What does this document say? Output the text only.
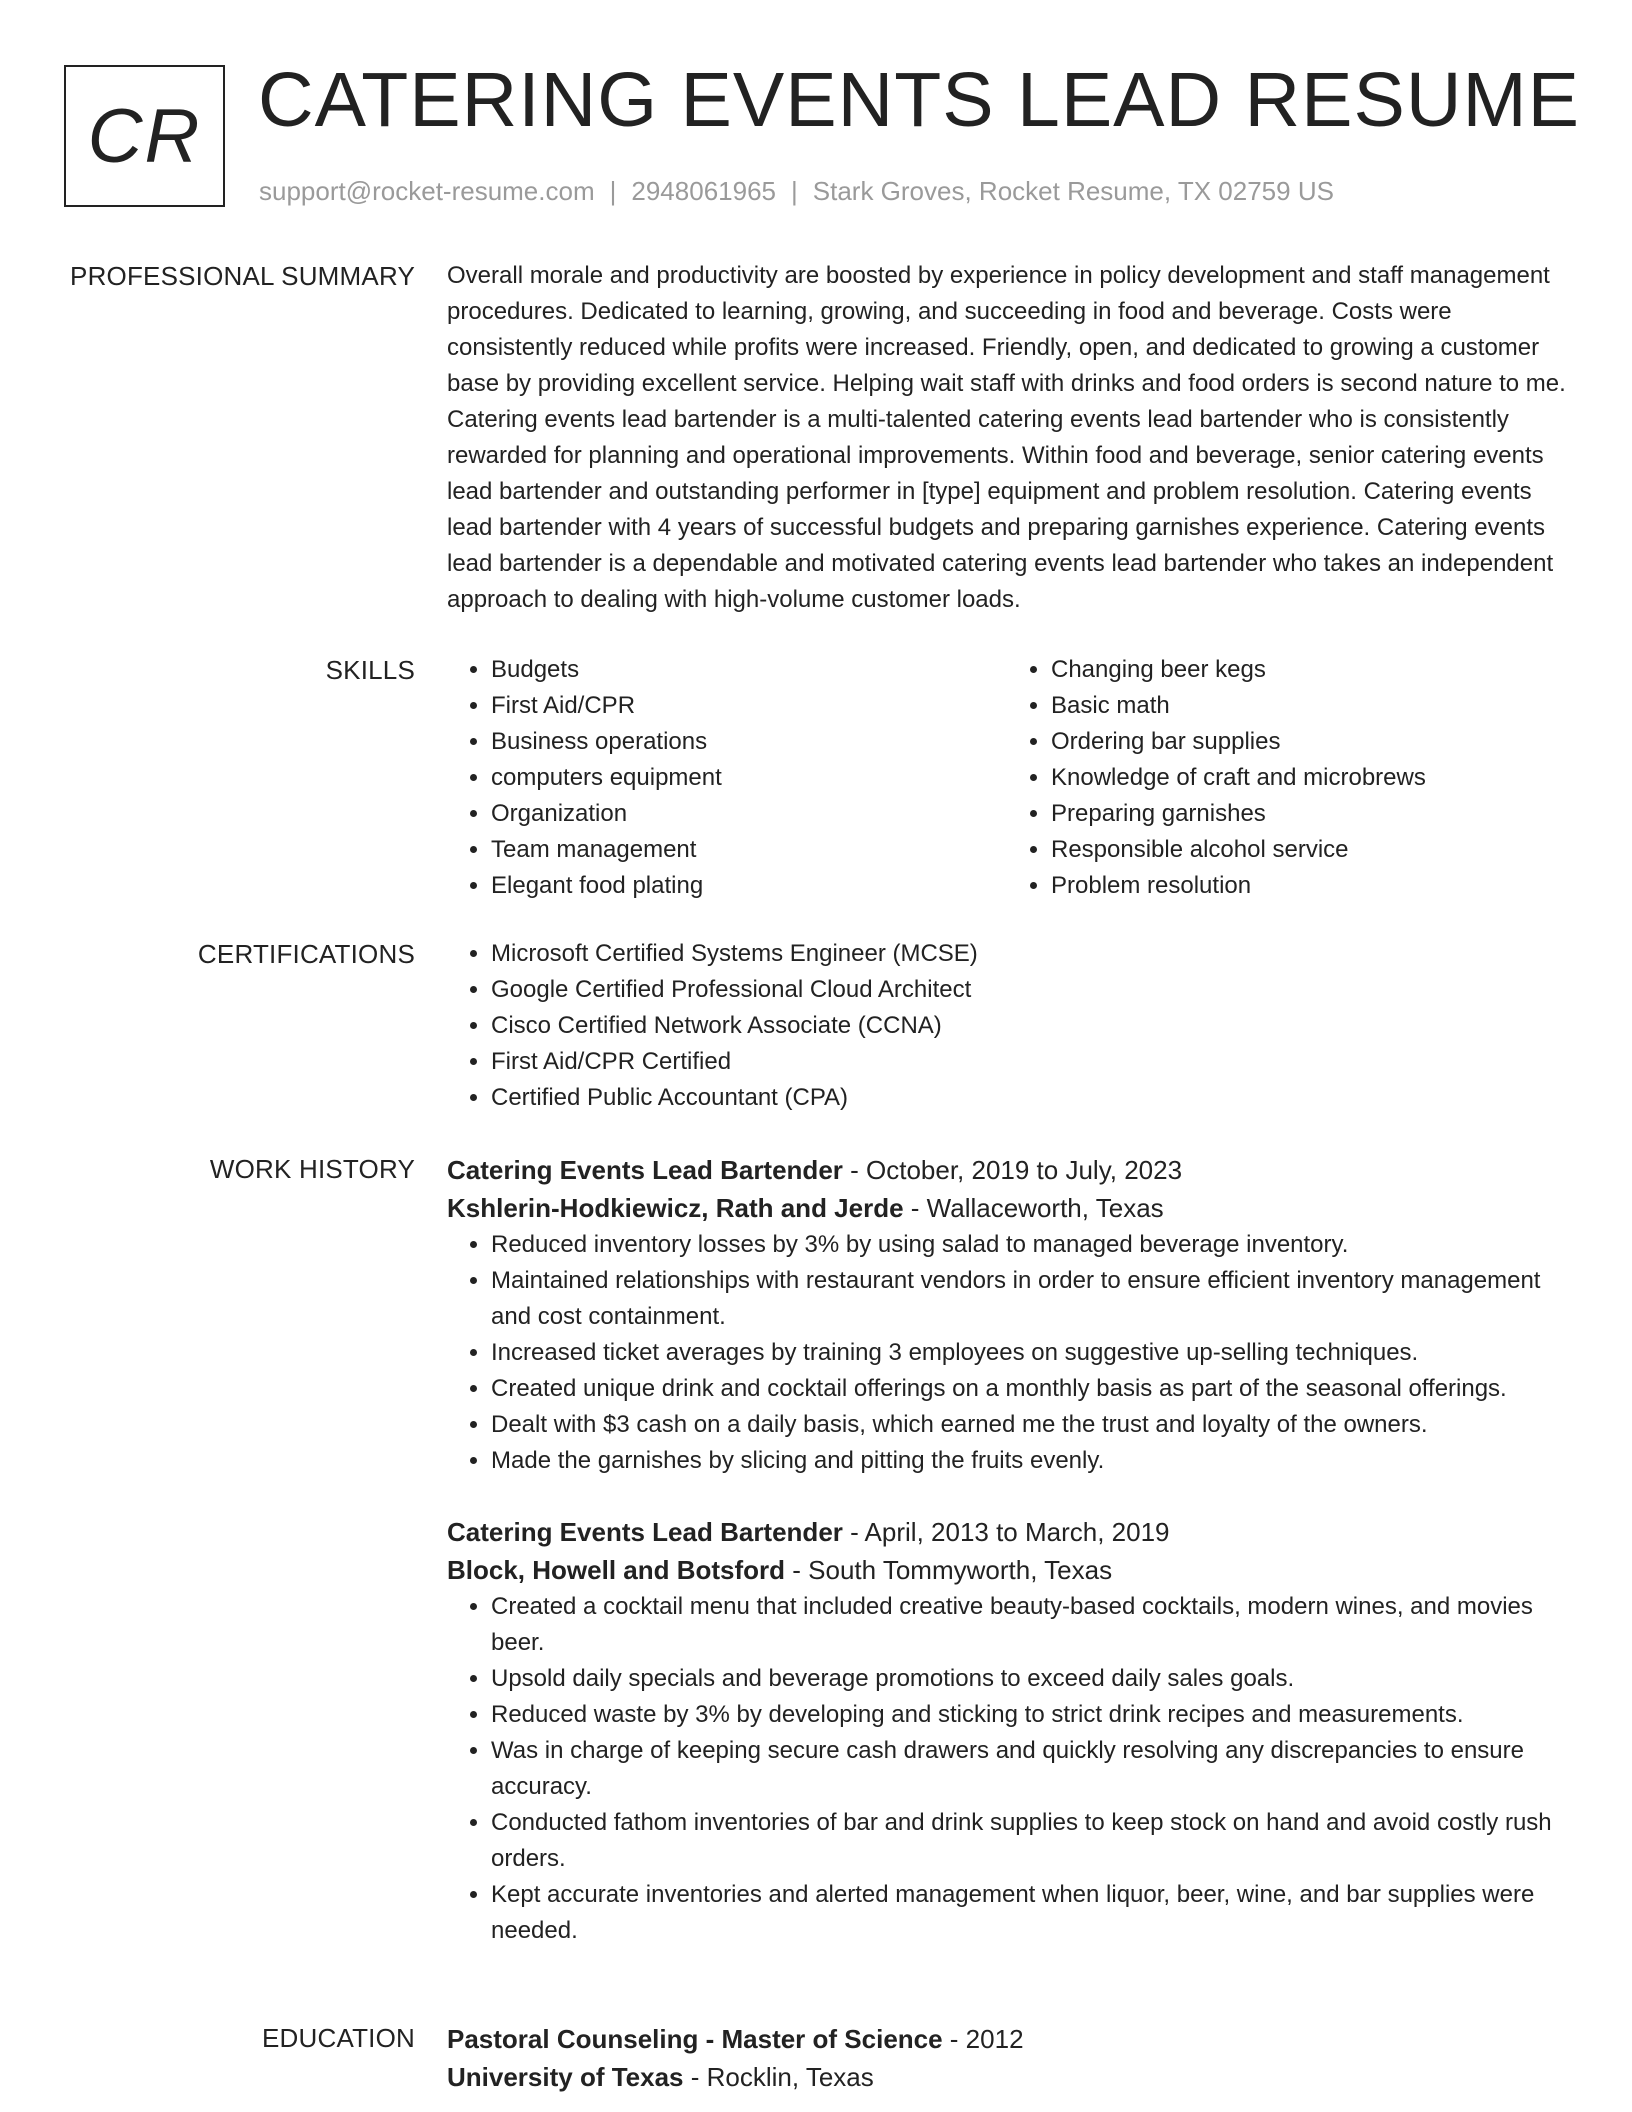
CR CATERING EVENTS LEAD RESUME
support@rocket-resume.com | 2948061965 | Stark Groves, Rocket Resume, TX 02759 US
PROFESSIONAL SUMMARY Overall morale and productivity are boosted by experience in policy development and staff management procedures. Dedicated to learning, growing, and succeeding in food and beverage. Costs were consistently reduced while profits were increased. Friendly, open, and dedicated to growing a customer base by providing excellent service. Helping wait staff with drinks and food orders is second nature to me. Catering events lead bartender is a multi-talented catering events lead bartender who is consistently rewarded for planning and operational improvements. Within food and beverage, senior catering events lead bartender and outstanding performer in [type] equipment and problem resolution. Catering events lead bartender with 4 years of successful budgets and preparing garnishes experience. Catering events lead bartender is a dependable and motivated catering events lead bartender who takes an independent approach to dealing with high-volume customer loads.

SKILLS	• Budgets
• First Aid/CPR
• Business operations
• computers equipment
• Organization
• Team management
• Elegant food plating
• Changing beer kegs
• Basic math
• Ordering bar supplies
• Knowledge of craft and microbrews
• Preparing garnishes
• Responsible alcohol service
• Problem resolution
CERTIFICATIONS	• Microsoft Certified Systems Engineer (MCSE)
• Google Certified Professional Cloud Architect
• Cisco Certified Network Associate (CCNA)
• First Aid/CPR Certified
• Certified Public Accountant (CPA)
WORK HISTORY Catering Events Lead Bartender - October, 2019 to July, 2023
Kshlerin-Hodkiewicz, Rath and Jerde - Wallaceworth, Texas
• Reduced inventory losses by 3% by using salad to managed beverage inventory.
• Maintained relationships with restaurant vendors in order to ensure efficient inventory management and cost containment.
• Increased ticket averages by training 3 employees on suggestive up-selling techniques.
• Created unique drink and cocktail offerings on a monthly basis as part of the seasonal offerings.
• Dealt with $3 cash on a daily basis, which earned me the trust and loyalty of the owners.
• Made the garnishes by slicing and pitting the fruits evenly.
Catering Events Lead Bartender - April, 2013 to March, 2019
Block, Howell and Botsford - South Tommyworth, Texas
• Created a cocktail menu that included creative beauty-based cocktails, modern wines, and movies beer.
• Upsold daily specials and beverage promotions to exceed daily sales goals.
• Reduced waste by 3% by developing and sticking to strict drink recipes and measurements.
• Was in charge of keeping secure cash drawers and quickly resolving any discrepancies to ensure accuracy.
• Conducted fathom inventories of bar and drink supplies to keep stock on hand and avoid costly rush orders.
• Kept accurate inventories and alerted management when liquor, beer, wine, and bar supplies were needed.
EDUCATION Pastoral Counseling - Master of Science - 2012
University of Texas - Rocklin, Texas
